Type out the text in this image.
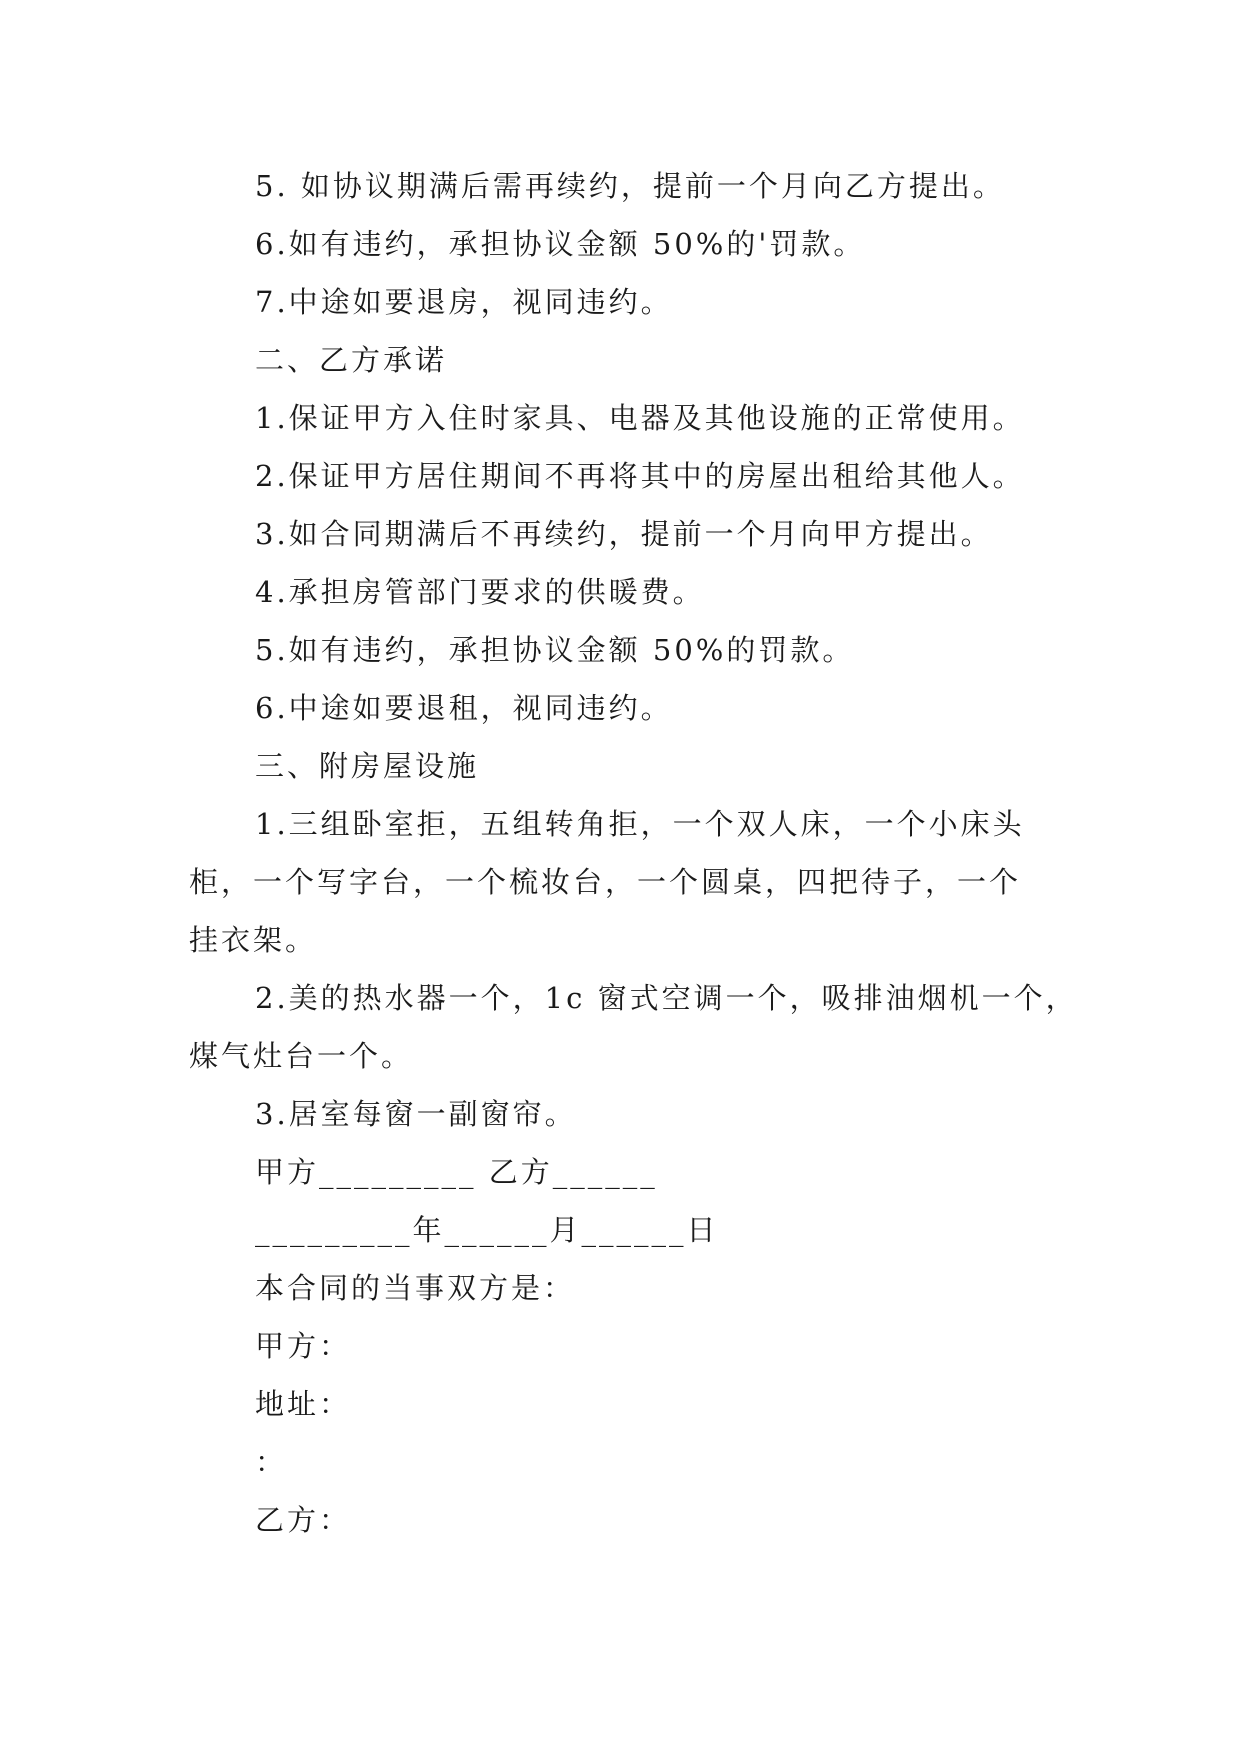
5. 如协议期满后需再续约，提前一个月向乙方提出。
6.如有违约，承担协议金额 50%的'罚款。
7.中途如要退房，视同违约。
二、乙方承诺
1.保证甲方入住时家具、电器及其他设施的正常使用。
2.保证甲方居住期间不再将其中的房屋出租给其他人。
3.如合同期满后不再续约，提前一个月向甲方提出。
4.承担房管部门要求的供暖费。
5.如有违约，承担协议金额 50%的罚款。
6.中途如要退租，视同违约。
三、附房屋设施
1.三组卧室拒，五组转角拒，一个双人床，一个小床头
柜，一个写字台，一个梳妆台，一个圆桌，四把待子，一个
挂衣架。
2.美的热水器一个，1c 窗式空调一个，吸排油烟机一个，
煤气灶台一个。
3.居室每窗一副窗帘。
甲方_________ 乙方______
_________年______月______日
本合同的当事双方是：
甲方：
地址：
：
乙方：
